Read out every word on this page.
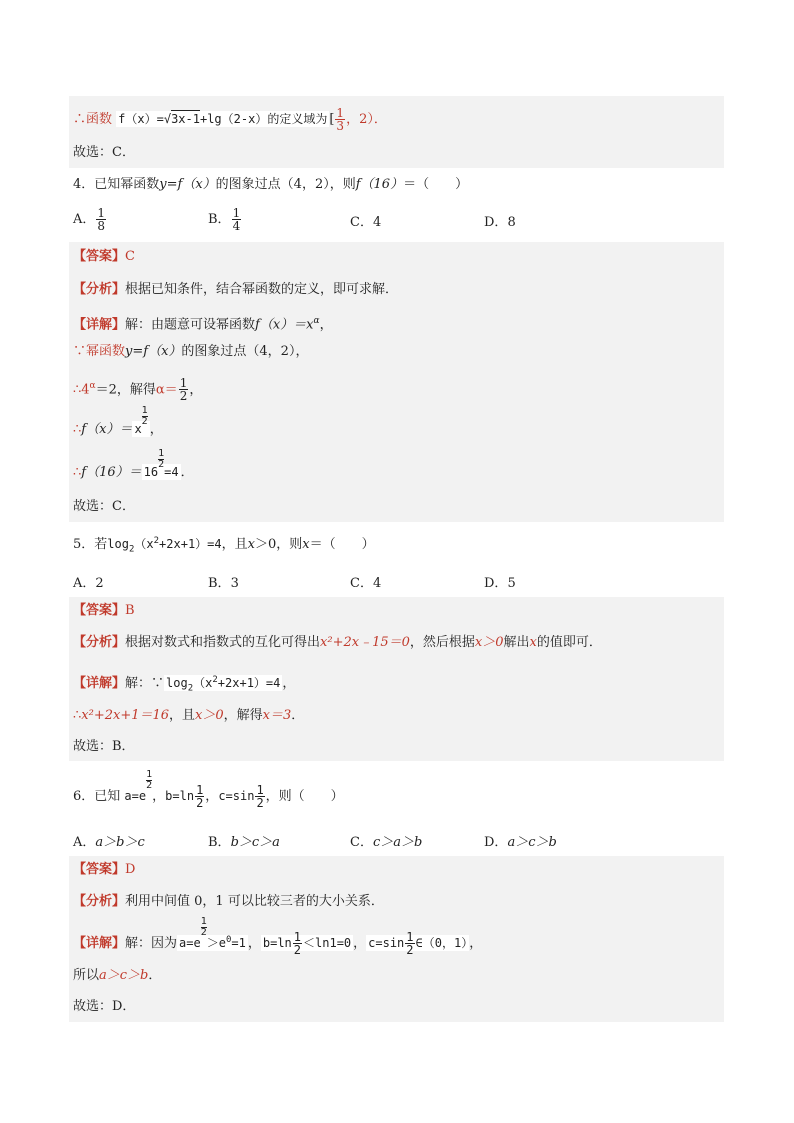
∴函数 f（x）=√3x-1+lg（2-x）的定义域为 [ $\frac{1}{3}$ ，2）．
故选：C．
4．已知幂函数y=f（x）的图象过点（4，2），则f（16）＝（　　）
A． $\frac{1}{8}$	B． $\frac{1}{4}$	C．4	D．8
【答案】C
【分析】根据已知条件，结合幂函数的定义，即可求解．
【详解】解：由题意可设幂函数$f(x)=x^\alpha$，
∵幂函数y=f（x）的图象过点（4，2），
$\therefore 4^\alpha=2$，解得$\alpha= \frac{1}{2}$ ，
∴f（x）＝ x
$\frac{1}{2}$
，
∴f（16）＝ 16
$\frac{1}{2}$
=4 ．
故选：C．
5．若$\log_2(x^2+2x+1)=4$，且x＞0，则x＝（　　）
A．2	B．3	C．4	D．5
【答案】B
【分析】根据对数式和指数式的互化可得出x²+2x﹣15＝0，然后根据x＞0解出x的值即可．
【详解】解：∵ $\log_2(x^2+2x+1)=4$ ，
∴x²+2x+1＝16，且x＞0，解得x＝3．
故选：B．
6．已知 a=e
$\frac{1}{2}$
，$b=\ln \frac{1}{2}$ ，$c=\sin \frac{1}{2}$ ，则（　　）
A．a＞b＞c	B．b＞c＞a	C．c＞a＞b	D．a＞c＞b
【答案】D
【分析】利用中间值 0，1 可以比较三者的大小关系．
【详解】解：因为 a=e
$\frac{1}{2}$
$>e^0=1$ ， $b=\ln \frac{1}{2} <\ln 1=0$ ， $c=\sin \frac{1}{2}$ ∈（0，1） ，
所以a＞c＞b．
故选：D．
